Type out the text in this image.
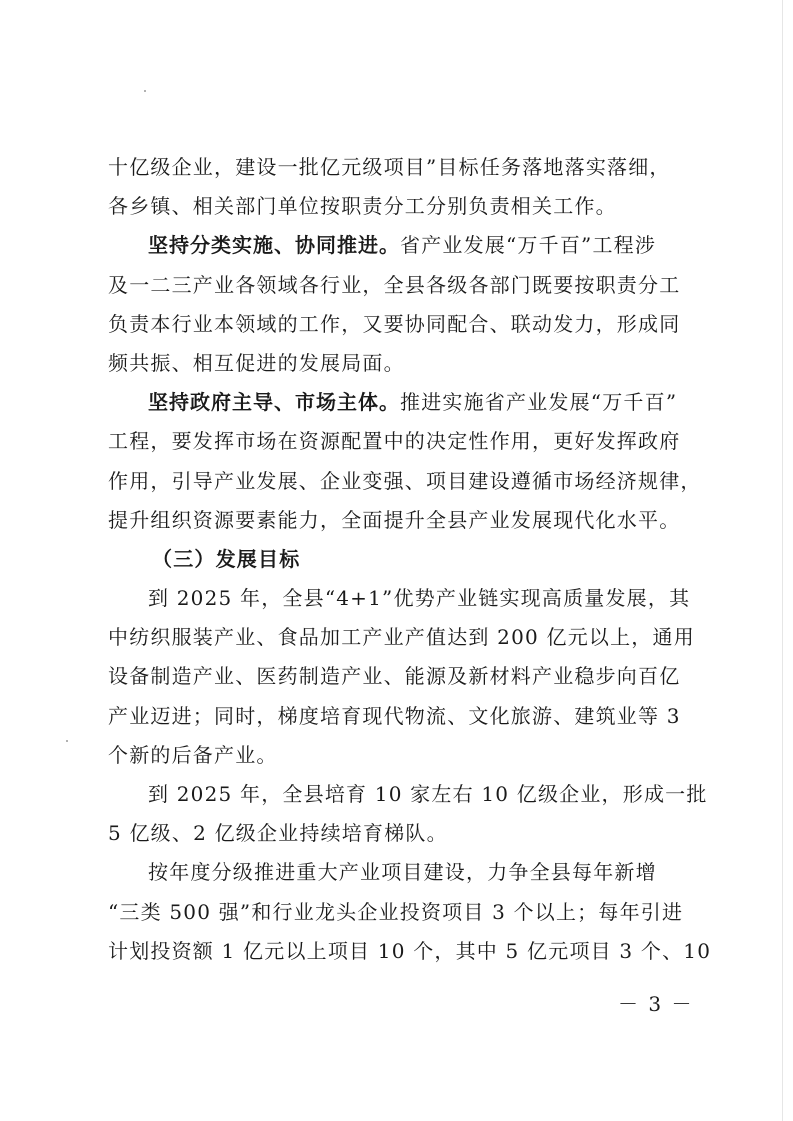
十亿级企业，建设一批亿元级项目”目标任务落地落实落细，
各乡镇、相关部门单位按职责分工分别负责相关工作。
坚持分类实施、协同推进。省产业发展“万千百”工程涉
及一二三产业各领域各行业，全县各级各部门既要按职责分工
负责本行业本领域的工作，又要协同配合、联动发力，形成同
频共振、相互促进的发展局面。
坚持政府主导、市场主体。推进实施省产业发展“万千百”
工程，要发挥市场在资源配置中的决定性作用，更好发挥政府
作用，引导产业发展、企业变强、项目建设遵循市场经济规律，
提升组织资源要素能力，全面提升全县产业发展现代化水平。
（三）发展目标
到 2025 年，全县“4+1”优势产业链实现高质量发展，其
中纺织服装产业、食品加工产业产值达到 200 亿元以上，通用
设备制造产业、医药制造产业、能源及新材料产业稳步向百亿
产业迈进；同时，梯度培育现代物流、文化旅游、建筑业等 3
个新的后备产业。
到 2025 年，全县培育 10 家左右 10 亿级企业，形成一批
5 亿级、2 亿级企业持续培育梯队。
按年度分级推进重大产业项目建设，力争全县每年新增
“三类 500 强”和行业龙头企业投资项目 3 个以上；每年引进
计划投资额 1 亿元以上项目 10 个，其中 5 亿元项目 3 个、10
－ 3 －
